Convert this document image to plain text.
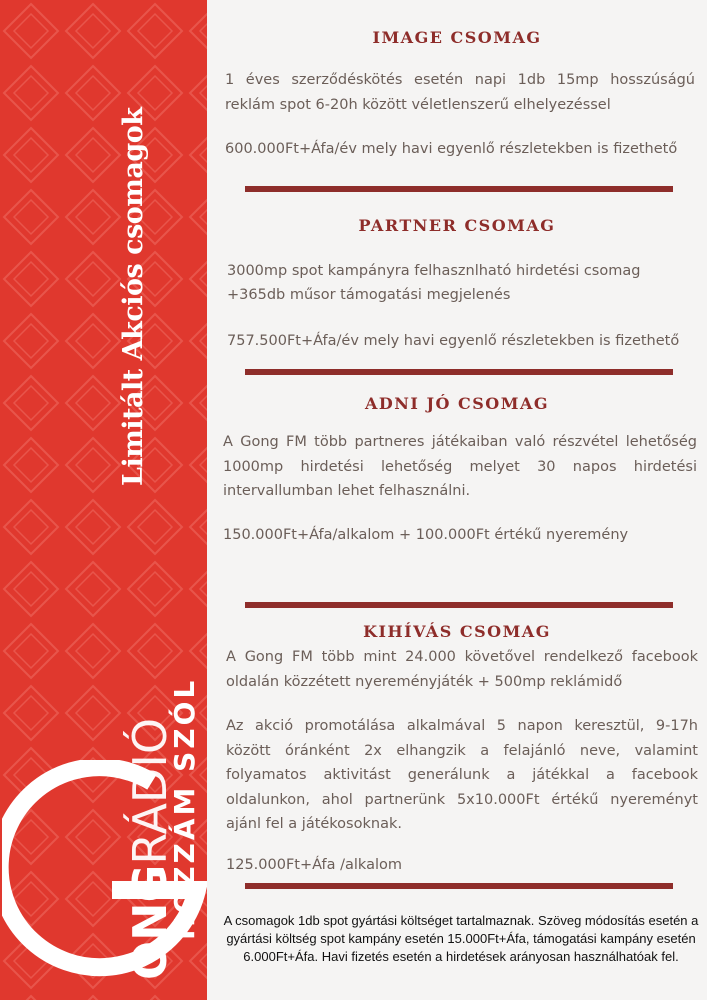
Limitált Akciós csomagok
ONGRÁDIÓ
HOZZÁM SZÓL
IMAGE CSOMAG
1 éves szerződéskötés esetén napi 1db 15mp hosszúságú reklám spot 6-20h között véletlenszerű elhelyezéssel
600.000Ft+Áfa/év mely havi egyenlő részletekben is fizethető
PARTNER CSOMAG
3000mp spot kampányra felhasznlható hirdetési csomag
+365db műsor támogatási megjelenés
757.500Ft+Áfa/év mely havi egyenlő részletekben is fizethető
ADNI JÓ CSOMAG
A Gong FM több partneres játékaiban való részvétel lehetőség 1000mp hirdetési lehetőség melyet 30 napos hirdetési intervallumban lehet felhasználni.
150.000Ft+Áfa/alkalom + 100.000Ft értékű nyeremény
KIHÍVÁS CSOMAG
A Gong FM több mint 24.000 követővel rendelkező facebook oldalán közzétett nyereményjáték + 500mp reklámidő
Az akció promotálása alkalmával 5 napon keresztül, 9-17h között óránként 2x elhangzik a felajánló neve, valamint folyamatos aktivitást generálunk a játékkal a facebook oldalunkon, ahol partnerünk 5x10.000Ft értékű nyereményt ajánl fel a játékosoknak.
125.000Ft+Áfa /alkalom
A csomagok 1db spot gyártási költséget tartalmaznak. Szöveg módosítás esetén a gyártási költség spot kampány esetén 15.000Ft+Áfa, támogatási kampány esetén 6.000Ft+Áfa. Havi fizetés esetén a hirdetések arányosan használhatóak fel.
